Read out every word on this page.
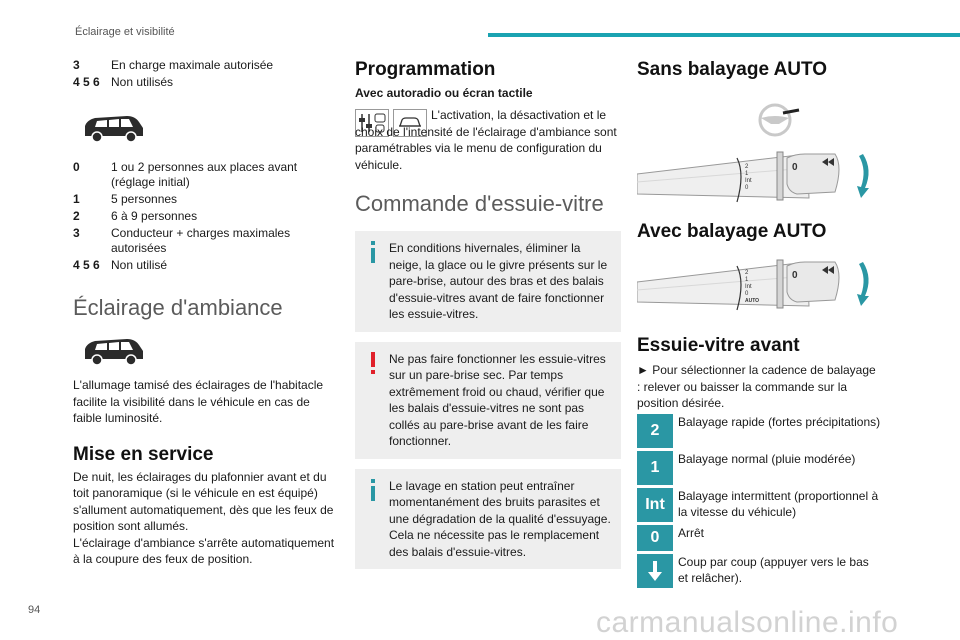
Éclairage et visibilité
3	En charge maximale autorisée
4 5 6 Non utilisés
0	1 ou 2 personnes aux places avant (réglage initial)
1	5 personnes
2	6 à 9 personnes
3	Conducteur + charges maximales autorisées
4 5 6 Non utilisé
Éclairage d'ambiance
L'allumage tamisé des éclairages de l'habitacle facilite la visibilité dans le véhicule en cas de faible luminosité.
Mise en service
De nuit, les éclairages du plafonnier avant et du toit panoramique (si le véhicule en est équipé) s'allument automatiquement, dès que les feux de position sont allumés.
L'éclairage d'ambiance s'arrête automatiquement à la coupure des feux de position.
Programmation
Avec autoradio ou écran tactile
L'activation, la désactivation et le choix de l'intensité de l'éclairage d'ambiance sont paramétrables via le menu de configuration du véhicule.
Commande d'essuie-vitre
En conditions hivernales, éliminer la neige, la glace ou le givre présents sur le pare-brise, autour des bras et des balais d'essuie-vitres avant de faire fonctionner les essuie-vitres.
Ne pas faire fonctionner les essuie-vitres sur un pare-brise sec. Par temps extrêmement froid ou chaud, vérifier que les balais d'essuie-vitres ne sont pas collés au pare-brise avant de les faire fonctionner.
Le lavage en station peut entraîner momentanément des bruits parasites et une dégradation de la qualité d'essuyage. Cela ne nécessite pas le remplacement des balais d'essuie-vitres.
Sans balayage AUTO
2
1
Int
0
0
Avec balayage AUTO
2
1
Int
0
AUTO
0
Essuie-vitre avant
► Pour sélectionner la cadence de balayage : relever ou baisser la commande sur la position désirée.
2	Balayage rapide (fortes précipitations)
1	Balayage normal (pluie modérée)
Int	Balayage intermittent (proportionnel à la vitesse du véhicule)
0	Arrêt
Coup par coup (appuyer vers le bas et relâcher).
94	carmanualsonline.info
